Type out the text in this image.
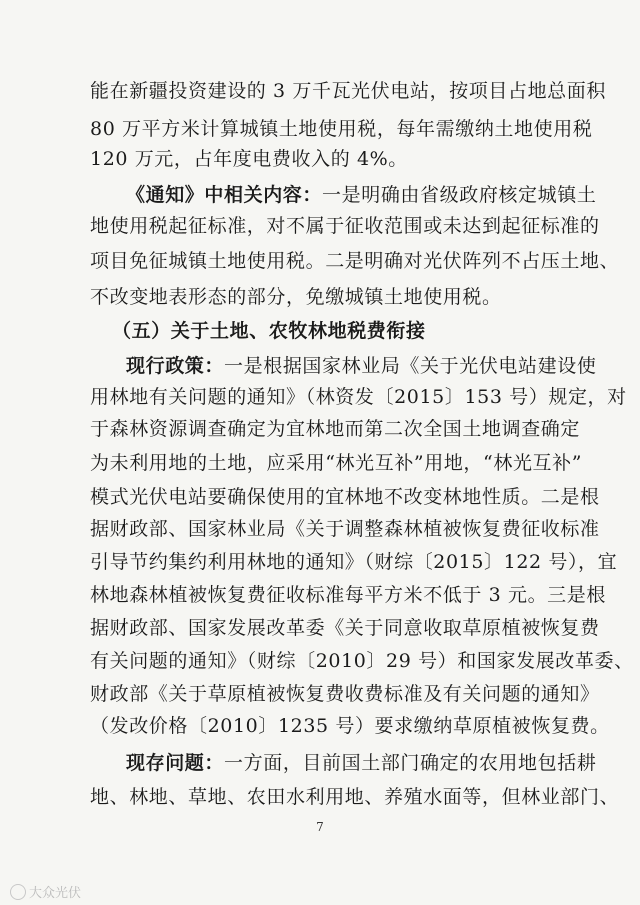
能在新疆投资建设的 3 万千瓦光伏电站，按项目占地总面积
80 万平方米计算城镇土地使用税，每年需缴纳土地使用税
120 万元，占年度电费收入的 4%。
《通知》中相关内容：一是明确由省级政府核定城镇土
地使用税起征标准，对不属于征收范围或未达到起征标准的
项目免征城镇土地使用税。二是明确对光伏阵列不占压土地、
不改变地表形态的部分，免缴城镇土地使用税。
（五）关于土地、农牧林地税费衔接
现行政策：一是根据国家林业局《关于光伏电站建设使
用林地有关问题的通知》（林资发〔2015〕153 号）规定，对
于森林资源调查确定为宜林地而第二次全国土地调查确定
为未利用地的土地，应采用“林光互补”用地，“林光互补”
模式光伏电站要确保使用的宜林地不改变林地性质。二是根
据财政部、国家林业局《关于调整森林植被恢复费征收标准
引导节约集约利用林地的通知》（财综〔2015〕122 号），宜
林地森林植被恢复费征收标准每平方米不低于 3 元。三是根
据财政部、国家发展改革委《关于同意收取草原植被恢复费
有关问题的通知》（财综〔2010〕29 号）和国家发展改革委、
财政部《关于草原植被恢复费收费标准及有关问题的通知》
（发改价格〔2010〕1235 号）要求缴纳草原植被恢复费。
现存问题：一方面，目前国土部门确定的农用地包括耕
地、林地、草地、农田水利用地、养殖水面等，但林业部门、
7
大众光伏
